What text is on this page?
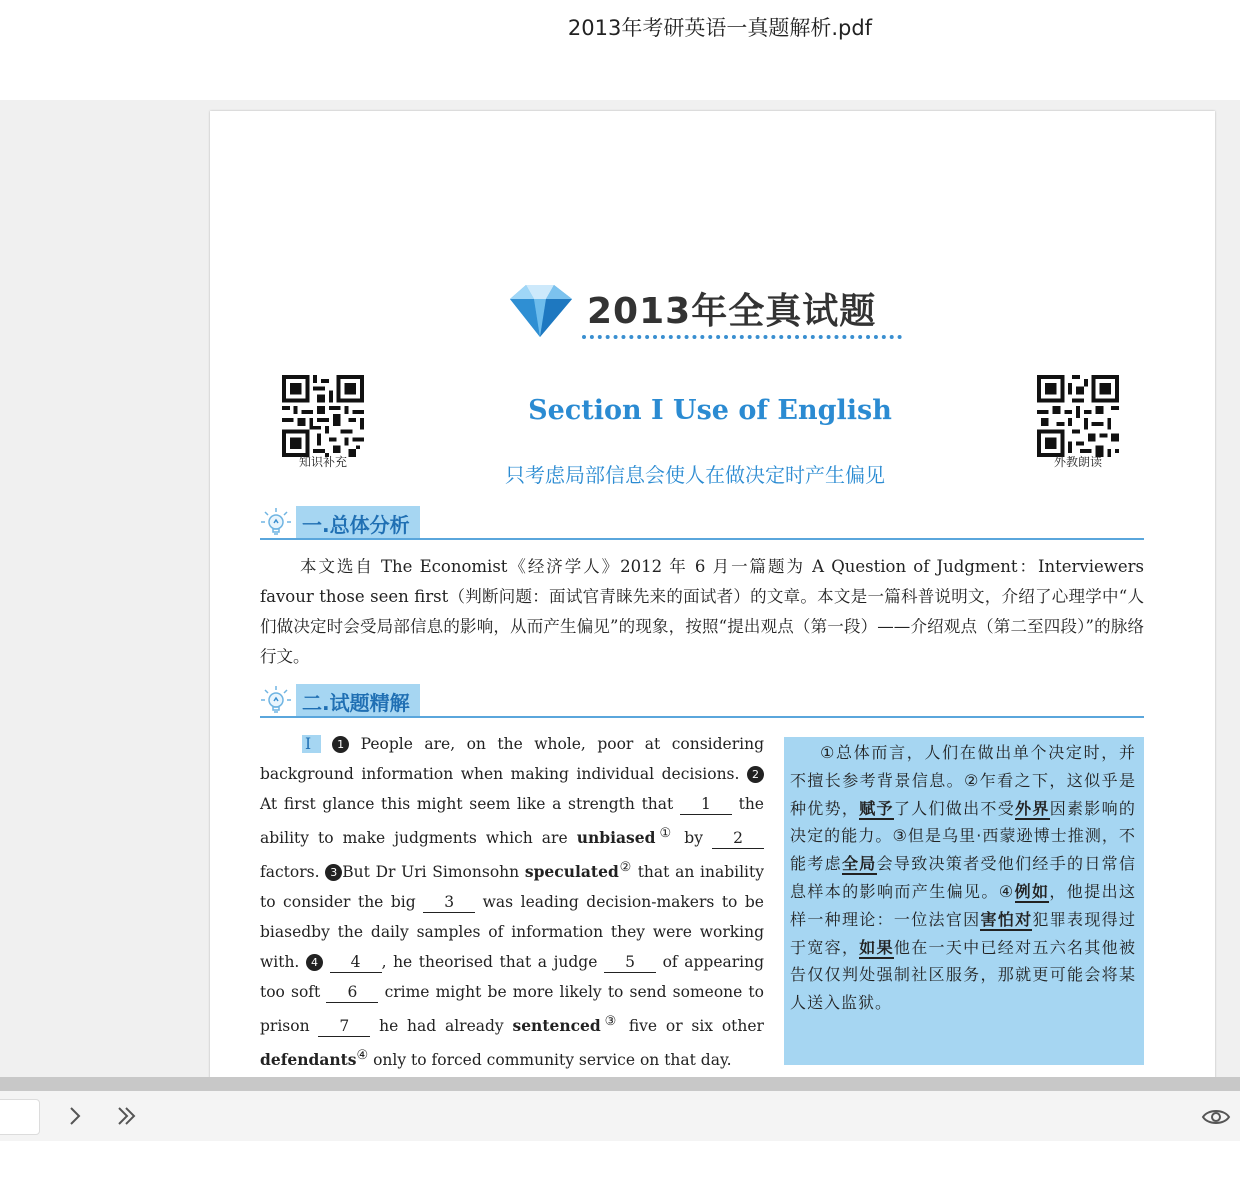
2013年考研英语一真题解析.pdf
2013年全真试题
知识补充	外教朗读
Section Ⅰ Use of English
只考虑局部信息会使人在做决定时产生偏见
一.总体分析
本文选自 The Economist《经济学人》2012 年 6 月一篇题为 A Question of Judgment：Interviewers favour those seen first（判断问题：面试官青睐先来的面试者）的文章。本文是一篇科普说明文，介绍了心理学中“人们做决定时会受局部信息的影响，从而产生偏见”的现象，按照“提出观点（第一段）——介绍观点（第二至四段）”的脉络行文。
二.试题精解
Ⅰ 1 People are, on the whole, poor at considering background information when making individual decisions. 2 At first glance this might seem like a strength that 1 the ability to make judgments which are unbiased① by 2 factors. 3 But Dr Uri Simonsohn speculated② that an inability to consider the big 3 was leading decision-makers to be biasedby the daily samples of information they were working with. 4 4 , he theorised that a judge 5 of appearing too soft 6 crime might be more likely to send someone to prison 7 he had already sentenced③ five or six other defendants④ only to forced community service on that day.
①总体而言，人们在做出单个决定时，并不擅长参考背景信息。②乍看之下，这似乎是种优势，赋予了人们做出不受外界因素影响的决定的能力。③但是乌里·西蒙逊博士推测，不能考虑全局会导致决策者受他们经手的日常信息样本的影响而产生偏见。④例如，他提出这样一种理论：一位法官因害怕对犯罪表现得过于宽容，如果他在一天中已经对五六名其他被告仅仅判处强制社区服务，那就更可能会将某人送入监狱。
